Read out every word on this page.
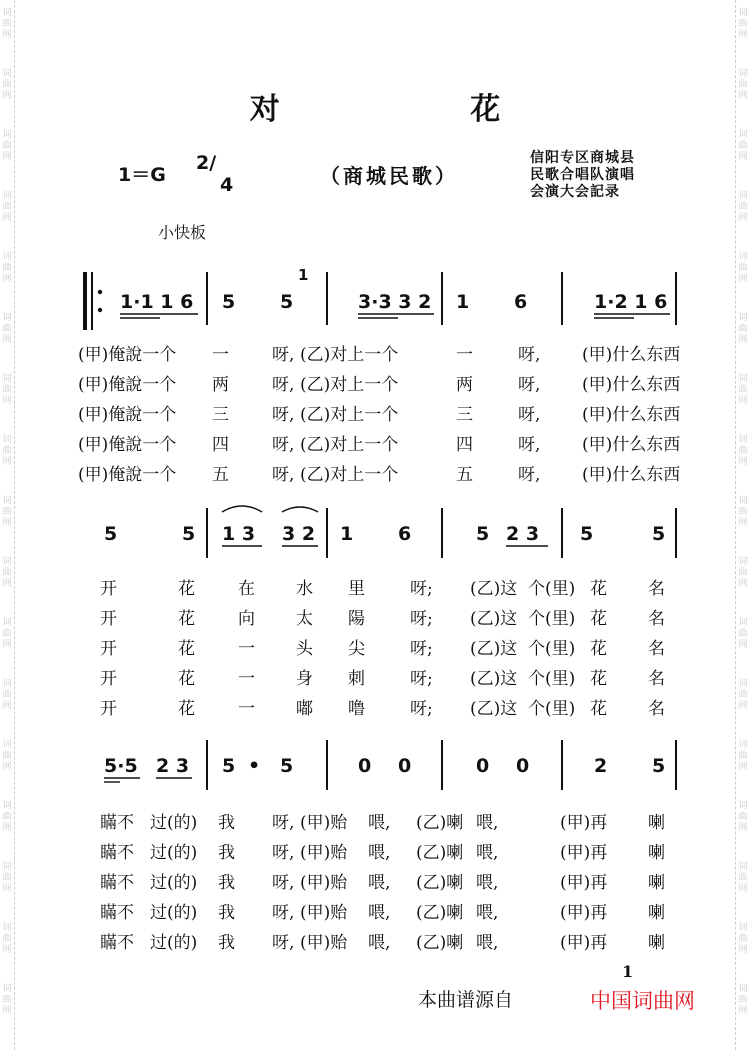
词
曲
网
词
曲
网
词
曲
网
词
曲
网
词
曲
网
词
曲
网
词
曲
网
词
曲
网
词
曲
网
词
曲
网
词
曲
网
词
曲
网
词
曲
网
词
曲
网
词
曲
网
词
曲
网
词
曲
网
词
曲
网
词
曲
网
词
曲
网
词
曲
网
词
曲
网
词
曲
网
词
曲
网
词
曲
网
词
曲
网
词
曲
网
词
曲
网
词
曲
网
词
曲
网
词
曲
网
词
曲
网
词
曲
网
词
曲
网
对 花
1＝G
2/
4	（商城民歌）
信阳专区商城县
民歌合唱队演唱
会演大会記录
小快板
1·1 1 6 5 5
1
3·3 3 2 1 6	1·2 1 6
5	5 1 3 3 2 1 6	5 2 3 5	5
5·5 2 3 5 • 5	0 0	0 0	2 5
(甲)俺說一个 一	呀, (乙)对上一个	一	呀, (甲)什么东西
(甲)俺說一个 两	呀, (乙)对上一个	两	呀, (甲)什么东西
(甲)俺說一个 三	呀, (乙)对上一个	三	呀, (甲)什么东西
(甲)俺說一个 四	呀, (乙)对上一个	四	呀, (甲)什么东西
(甲)俺說一个 五	呀, (乙)对上一个	五	呀, (甲)什么东西
开	花	在 水 里	呀; (乙)这 个(里) 花 名
开	花	向 太 陽	呀; (乙)这 个(里) 花 名
开	花	一 头 尖	呀; (乙)这 个(里) 花 名
开	花	一 身 刺	呀; (乙)这 个(里) 花 名
开	花	一 嘟 噜	呀; (乙)这 个(里) 花 名
瞞不 过(的) 我 呀, (甲)贻 喂, (乙)喇 喂,	(甲)再 喇
瞞不 过(的) 我 呀, (甲)贻 喂, (乙)喇 喂,	(甲)再 喇
瞞不 过(的) 我 呀, (甲)贻 喂, (乙)喇 喂,	(甲)再 喇
瞞不 过(的) 我 呀, (甲)贻 喂, (乙)喇 喂,	(甲)再 喇
瞞不 过(的) 我 呀, (甲)贻 喂, (乙)喇 喂,	(甲)再 喇
1
本曲谱源自	中国词曲网
